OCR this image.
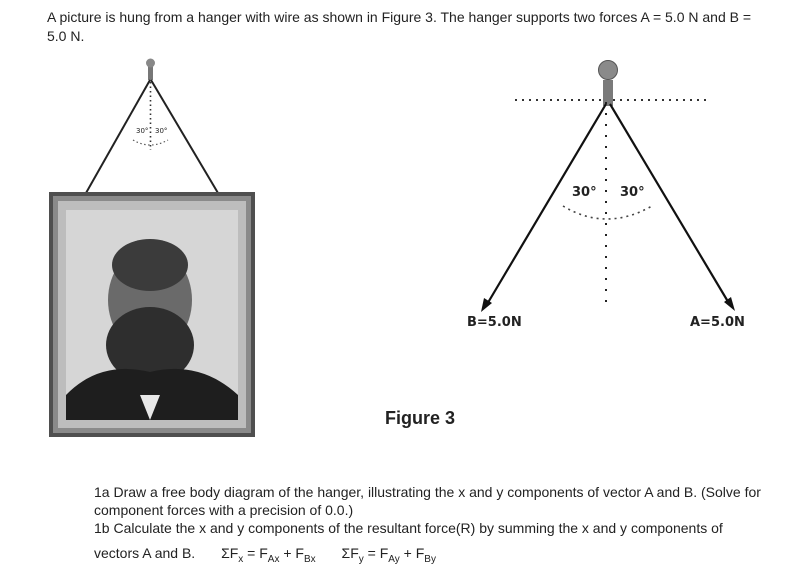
A picture is hung from a hanger with wire as shown in Figure 3. The hanger supports two forces A = 5.0 N and B = 5.0 N.
30° 30°
30° 30°
B=5.0N	A=5.0N
Figure 3

1a Draw a free body diagram of the hanger, illustrating the x and y components of vector A and B. (Solve for component forces with a precision of 0.0.)

1b Calculate the x and y components of the resultant force(R) by summing the x and y components of

vectors A and B. $\Sigma F_x = F_{Ax} + F_{Bx}$ $\Sigma F_y = F_{Ay} + F_{By}$
